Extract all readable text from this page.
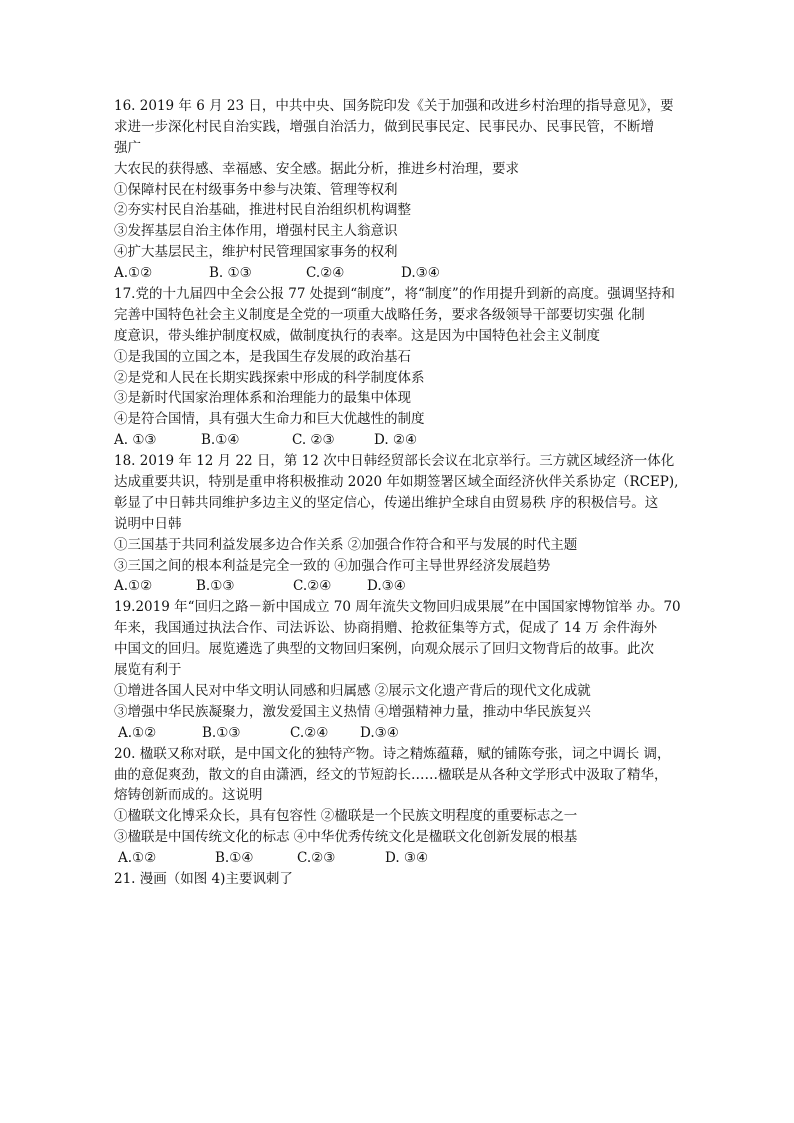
16. 2019 年 6 月 23 日，中共中央、国务院印发《关于加强和改进乡村治理的指导意见》，要
求进一步深化村民自治实践，增强自治活力，做到民事民定、民事民办、民事民管，不断增
强广
大农民的获得感、幸福感、安全感。据此分析，推进乡村治理，要求
①保障村民在村级事务中参与决策、管理等权利
②夯实村民自治基础，推进村民自治组织机构调整
③发挥基层自治主体作用，增强村民主人翁意识
④扩大基层民主，维护村民管理国家事务的权利
A.①②	B. ①③	C.②④	D.③④
17.党的十九届四中全会公报 77 处提到“制度”，将“制度”的作用提升到新的高度。强调坚持和
完善中国特色社会主义制度是全党的一项重大战略任务，要求各级领导干部要切实强 化制
度意识，带头维护制度权威，做制度执行的表率。这是因为中国特色社会主义制度
①是我国的立国之本，是我国生存发展的政治基石
②是党和人民在长期实践探索中形成的科学制度体系
③是新时代国家治理体系和治理能力的最集中体现
④是符合国情，具有强大生命力和巨大优越性的制度
A. ①③	B.①④	C. ②③	D. ②④
18. 2019 年 12 月 22 日，第 12 次中日韩经贸部长会议在北京举行。三方就区域经济一体化
达成重要共识，特别是重申将积极推动 2020 年如期签署区域全面经济伙伴关系协定（RCEP),
彰显了中日韩共同维护多边主义的坚定信心，传递出维护全球自由贸易秩 序的积极信号。这
说明中日韩
①三国基于共同利益发展多边合作关系 ②加强合作符合和平与发展的时代主题
③三国之间的根本利益是完全一致的 ④加强合作可主导世界经济发展趋势
A.①②	B.①③	C.②④	D.③④
19.2019 年“回归之路－新中国成立 70 周年流失文物回归成果展”在中国国家博物馆举 办。70
年来，我国通过执法合作、司法诉讼、协商捐赠、抢救征集等方式，促成了 14 万 余件海外
中国文的回归。展览遴选了典型的文物回归案例，向观众展示了回归文物背后的故事。此次
展览有利于
①增进各国人民对中华文明认同感和归属感 ②展示文化遗产背后的现代文化成就
③增强中华民族凝聚力，激发爱国主义热情 ④增强精神力量，推动中华民族复兴
A.①②	B.①③	C.②④	D.③④
20. 楹联又称对联，是中国文化的独特产物。诗之精炼蕴藉，赋的铺陈夸张，词之中调长 调，
曲的意促爽劲，散文的自由潇洒，经文的节短韵长……楹联是从各种文学形式中汲取了精华，
熔铸创新而成的。这说明
①楹联文化博采众长，具有包容性 ②楹联是一个民族文明程度的重要标志之一
③楹联是中国传统文化的标志 ④中华优秀传统文化是楹联文化创新发展的根基
A.①②	B.①④	C.②③	D. ③④
21. 漫画（如图 4)主要讽刺了
